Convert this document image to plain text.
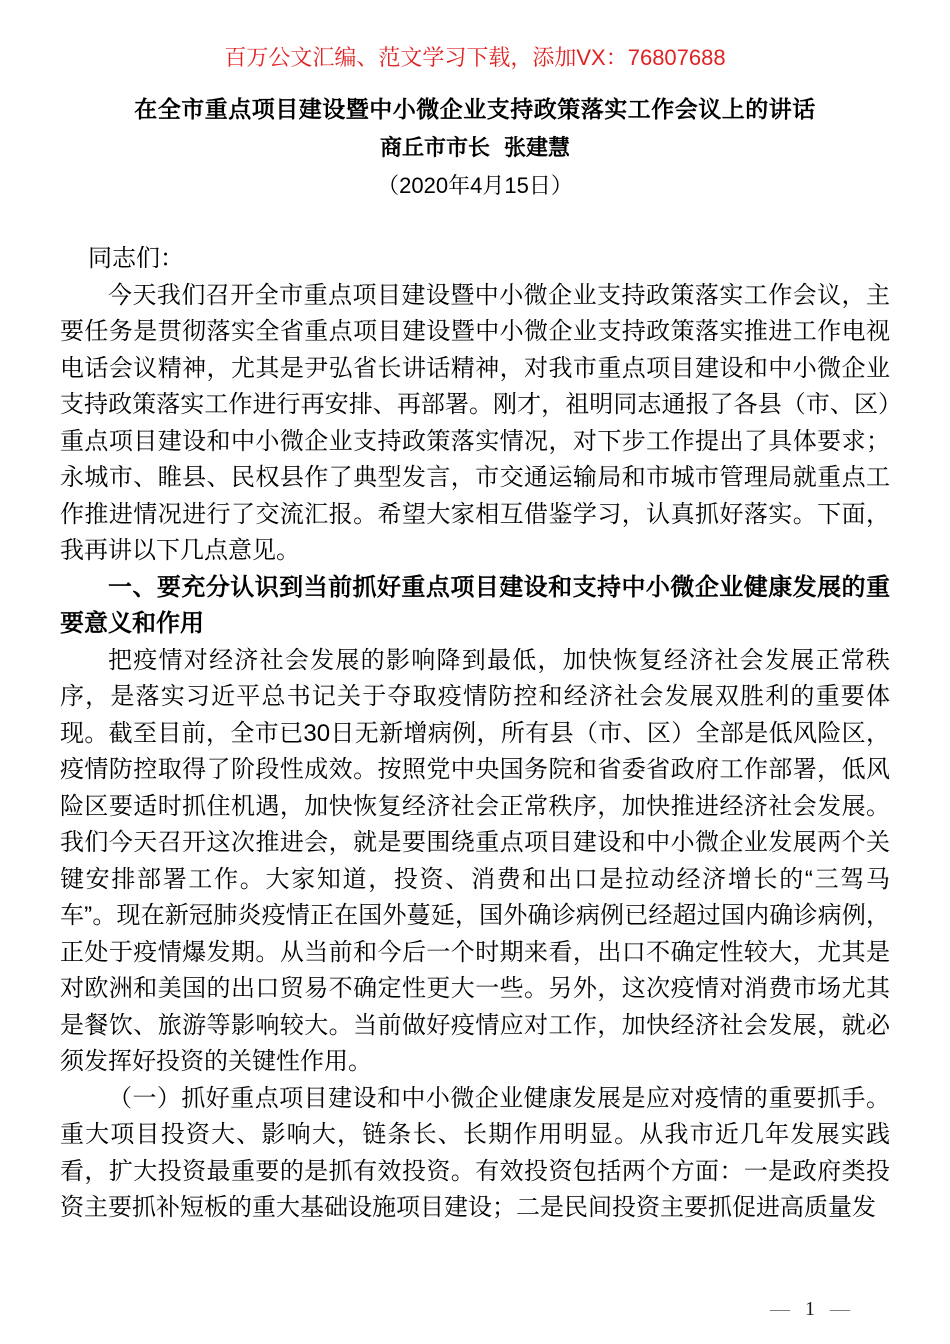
百万公文汇编、范文学习下载，添加VX：76807688
在全市重点项目建设暨中小微企业支持政策落实工作会议上的讲话
商丘市市长 张建慧
（2020年4月15日）

同志们：

今天我们召开全市重点项目建设暨中小微企业支持政策落实工作会议，主要任务是贯彻落实全省重点项目建设暨中小微企业支持政策落实推进工作电视电话会议精神，尤其是尹弘省长讲话精神，对我市重点项目建设和中小微企业支持政策落实工作进行再安排、再部署。刚才，祖明同志通报了各县（市、区）重点项目建设和中小微企业支持政策落实情况，对下步工作提出了具体要求；永城市、睢县、民权县作了典型发言，市交通运输局和市城市管理局就重点工作推进情况进行了交流汇报。希望大家相互借鉴学习，认真抓好落实。下面，我再讲以下几点意见。

一、要充分认识到当前抓好重点项目建设和支持中小微企业健康发展的重要意义和作用

把疫情对经济社会发展的影响降到最低，加快恢复经济社会发展正常秩序，是落实习近平总书记关于夺取疫情防控和经济社会发展双胜利的重要体现。截至目前，全市已30日无新增病例，所有县（市、区）全部是低风险区，疫情防控取得了阶段性成效。按照党中央国务院和省委省政府工作部署，低风险区要适时抓住机遇，加快恢复经济社会正常秩序，加快推进经济社会发展。我们今天召开这次推进会，就是要围绕重点项目建设和中小微企业发展两个关键安排部署工作。大家知道，投资、消费和出口是拉动经济增长的“三驾马车”。现在新冠肺炎疫情正在国外蔓延，国外确诊病例已经超过国内确诊病例，正处于疫情爆发期。从当前和今后一个时期来看，出口不确定性较大，尤其是对欧洲和美国的出口贸易不确定性更大一些。另外，这次疫情对消费市场尤其是餐饮、旅游等影响较大。当前做好疫情应对工作，加快经济社会发展，就必须发挥好投资的关键性作用。

（一）抓好重点项目建设和中小微企业健康发展是应对疫情的重要抓手。重大项目投资大、影响大，链条长、长期作用明显。从我市近几年发展实践看，扩大投资最重要的是抓有效投资。有效投资包括两个方面：一是政府类投资主要抓补短板的重大基础设施项目建设；二是民间投资主要抓促进高质量发

— 1 —
